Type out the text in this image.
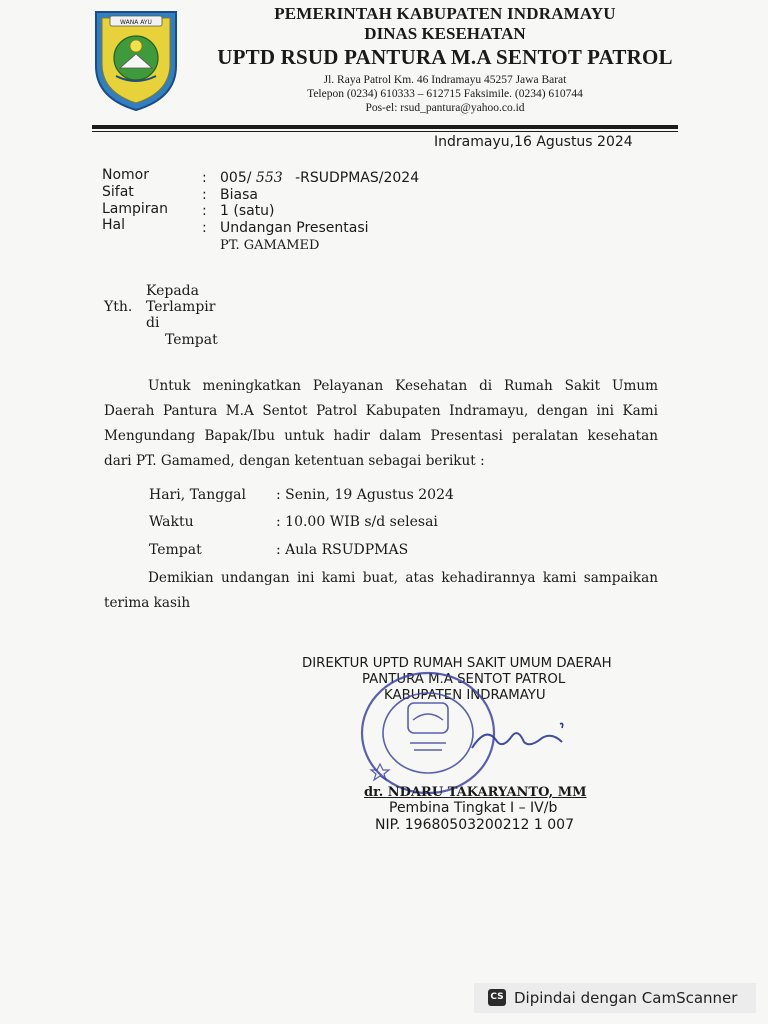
WANA AYU	PEMERINTAH KABUPATEN INDRAMAYU
DINAS KESEHATAN
UPTD RSUD PANTURA M.A SENTOT PATROL
Jl. Raya Patrol Km. 46 Indramayu 45257 Jawa Barat
Telepon (0234) 610333 – 612715 Faksimile. (0234) 610744
Pos-el: rsud_pantura@yahoo.co.id
Indramayu,16 Agustus 2024
Nomor	: 005/ 553 -RSUDPMAS/2024
Sifat	: Biasa
Lampiran : 1 (satu)
Hal	: Undangan Presentasi
PT. GAMAMED
Kepada
Yth. Terlampir
di
Tempat
Untuk meningkatkan Pelayanan Kesehatan di Rumah Sakit Umum
Daerah Pantura M.A Sentot Patrol Kabupaten Indramayu, dengan ini Kami
Mengundang Bapak/Ibu untuk hadir dalam Presentasi peralatan kesehatan
dari PT. Gamamed, dengan ketentuan sebagai berikut :
Hari, Tanggal : Senin, 19 Agustus 2024
Waktu	: 10.00 WIB s/d selesai
Tempat	: Aula RSUDPMAS
Demikian undangan ini kami buat, atas kehadirannya kami sampaikan
terima kasih
DIREKTUR UPTD RUMAH SAKIT UMUM DAERAH
PANTURA M.A SENTOT PATROL
KABUPATEN INDRAMAYU
dr. NDARU TAKARYANTO, MM
Pembina Tingkat I – IV/b
NIP. 19680503200212 1 007
CS Dipindai dengan CamScanner
